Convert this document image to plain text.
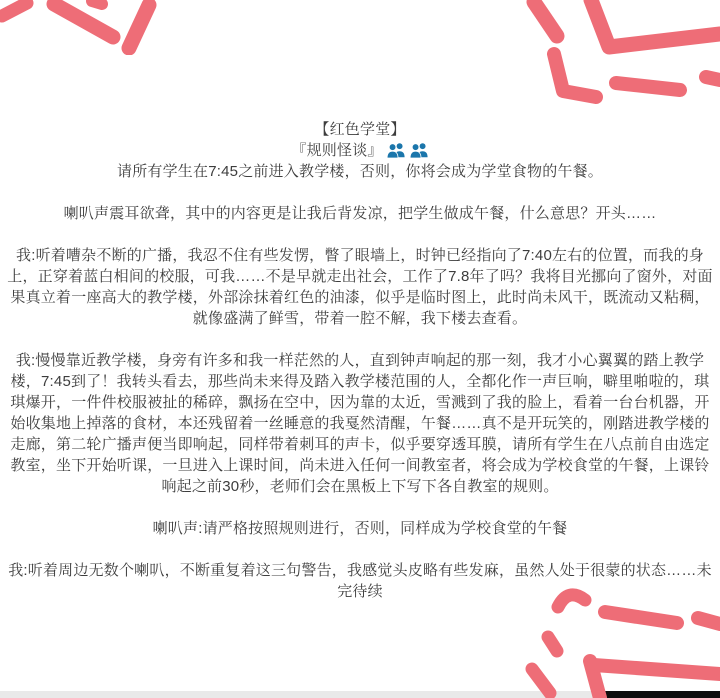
【红色学堂】
『规则怪谈』

请所有学生在7:45之前进入教学楼，否则，你将会成为学堂食物的午餐。

喇叭声震耳欲聋，其中的内容更是让我后背发凉，把学生做成午餐，什么意思？开头……

我:听着嘈杂不断的广播，我忍不住有些发愣，瞥了眼墙上，时钟已经指向了7:40左右的位置，而我的身上，正穿着蓝白相间的校服，可我……不是早就走出社会，工作了7.8年了吗？我将目光挪向了窗外，对面果真立着一座高大的教学楼，外部涂抹着红色的油漆，似乎是临时图上，此时尚未风干，既流动又粘稠，就像盛满了鲜雪，带着一腔不解，我下楼去查看。

我:慢慢靠近教学楼，身旁有许多和我一样茫然的人，直到钟声响起的那一刻，我才小心翼翼的踏上教学楼，7:45到了！我转头看去，那些尚未来得及踏入教学楼范围的人，全都化作一声巨响，噼里啪啦的，琪琪爆开，一件件校服被扯的稀碎，飘扬在空中，因为靠的太近，雪溅到了我的脸上，看着一台台机器，开始收集地上掉落的食材，本还残留着一丝睡意的我戛然清醒，午餐……真不是开玩笑的，刚踏进教学楼的走廊，第二轮广播声便当即响起，同样带着刺耳的声卡，似乎要穿透耳膜，请所有学生在八点前自由选定教室，坐下开始听课，一旦进入上课时间，尚未进入任何一间教室者，将会成为学校食堂的午餐，上课铃响起之前30秒，老师们会在黑板上下写下各自教室的规则。

喇叭声:请严格按照规则进行，否则，同样成为学校食堂的午餐

我:听着周边无数个喇叭，不断重复着这三句警告，我感觉头皮略有些发麻，虽然人处于很蒙的状态……未完待续
